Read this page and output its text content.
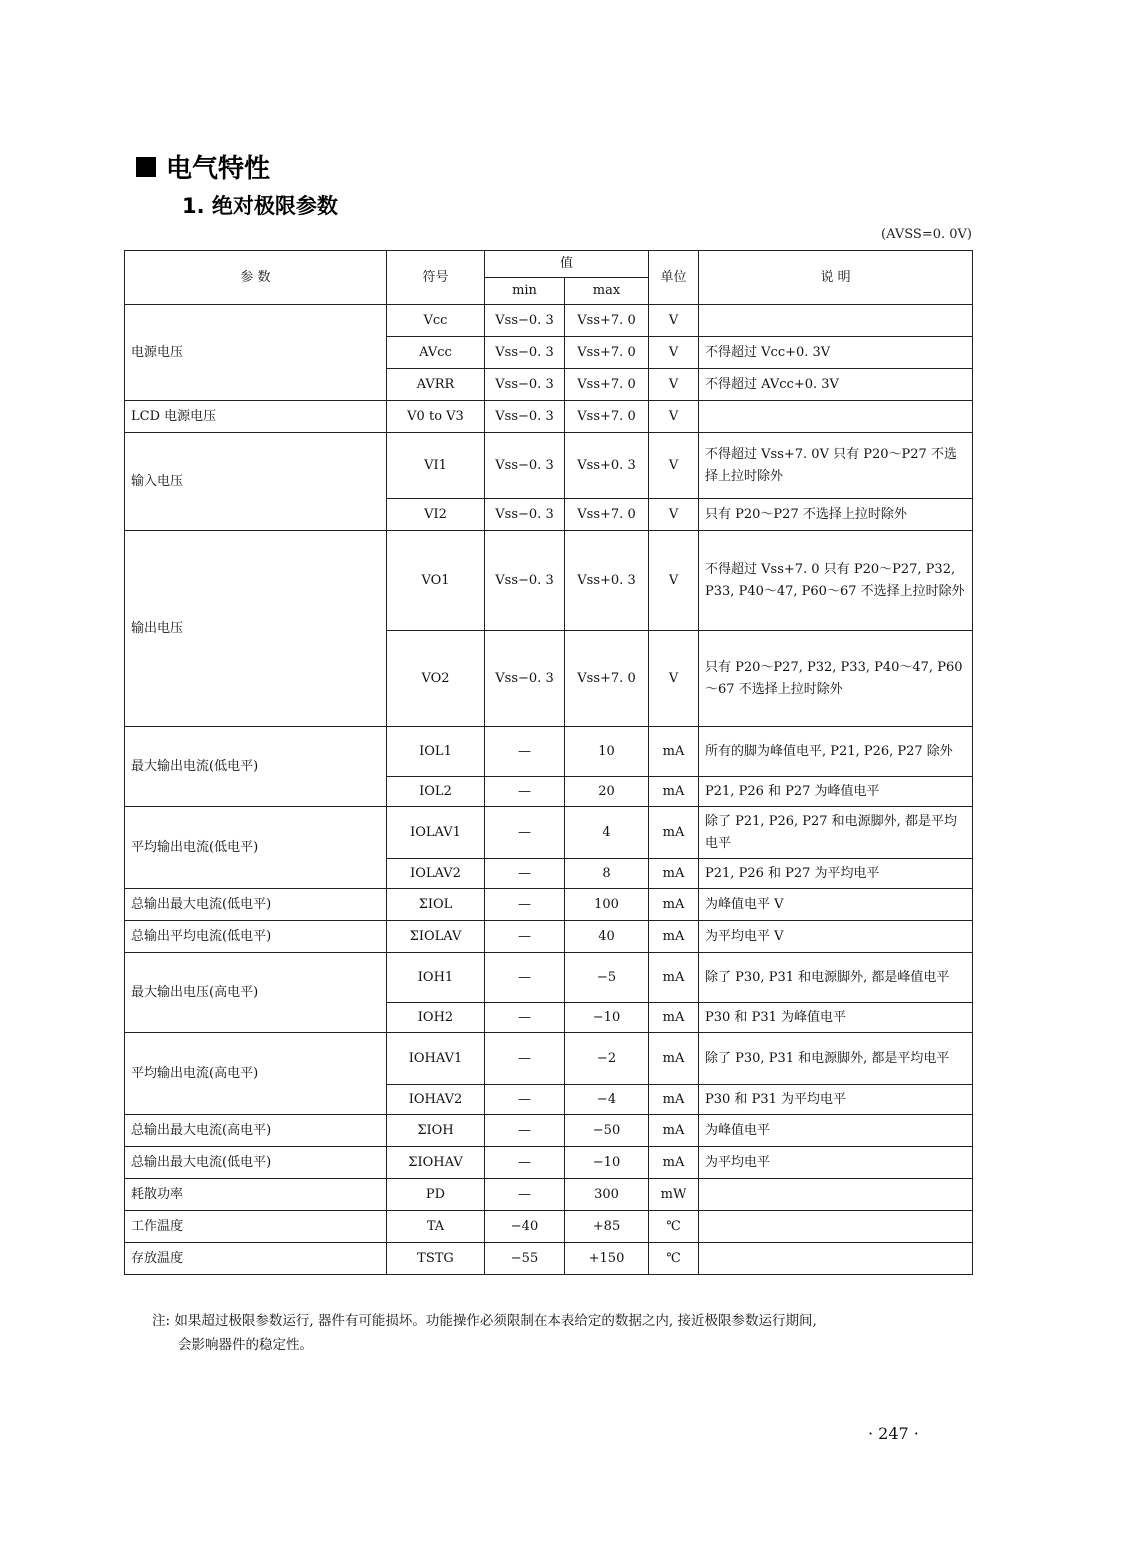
电气特性
1. 绝对极限参数
(AVSS=0. 0V)
参 数	符号	值		单位	说 明
		min	max		
电源电压	Vcc	Vss−0. 3	Vss+7. 0	V	
	AVcc	Vss−0. 3	Vss+7. 0	V	不得超过 Vcc+0. 3V
	AVRR	Vss−0. 3	Vss+7. 0	V	不得超过 AVcc+0. 3V
LCD 电源电压	V0 to V3	Vss−0. 3	Vss+7. 0	V	
输入电压	VI1	Vss−0. 3	Vss+0. 3	V	不得超过 Vss+7. 0V 只有 P20～P27 不选择上拉时除外
	VI2	Vss−0. 3	Vss+7. 0	V	只有 P20～P27 不选择上拉时除外
输出电压	VO1	Vss−0. 3	Vss+0. 3	V	不得超过 Vss+7. 0 只有 P20～P27, P32, P33, P40～47, P60～67 不选择上拉时除外
	VO2	Vss−0. 3	Vss+7. 0	V	只有 P20～P27, P32, P33, P40～47, P60～67 不选择上拉时除外
最大输出电流(低电平)	IOL1	—	10	mA	所有的脚为峰值电平, P21, P26, P27 除外
	IOL2	—	20	mA	P21, P26 和 P27 为峰值电平
平均输出电流(低电平)	IOLAV1	—	4	mA	除了 P21, P26, P27 和电源脚外, 都是平均电平
	IOLAV2	—	8	mA	P21, P26 和 P27 为平均电平
总输出最大电流(低电平)	ΣIOL	—	100	mA	为峰值电平 V
总输出平均电流(低电平)	ΣIOLAV	—	40	mA	为平均电平 V
最大输出电压(高电平)	IOH1	—	−5	mA	除了 P30, P31 和电源脚外, 都是峰值电平
	IOH2	—	−10	mA	P30 和 P31 为峰值电平
平均输出电流(高电平)	IOHAV1	—	−2	mA	除了 P30, P31 和电源脚外, 都是平均电平
	IOHAV2	—	−4	mA	P30 和 P31 为平均电平
总输出最大电流(高电平)	ΣIOH	—	−50	mA	为峰值电平
总输出最大电流(低电平)	ΣIOHAV	—	−10	mA	为平均电平
耗散功率	PD	—	300	mW	
工作温度	TA	−40	+85	℃	
存放温度	TSTG	−55	+150	℃	
注: 如果超过极限参数运行, 器件有可能损坏。功能操作必须限制在本表给定的数据之内, 接近极限参数运行期间,
会影响器件的稳定性。
· 247 ·
